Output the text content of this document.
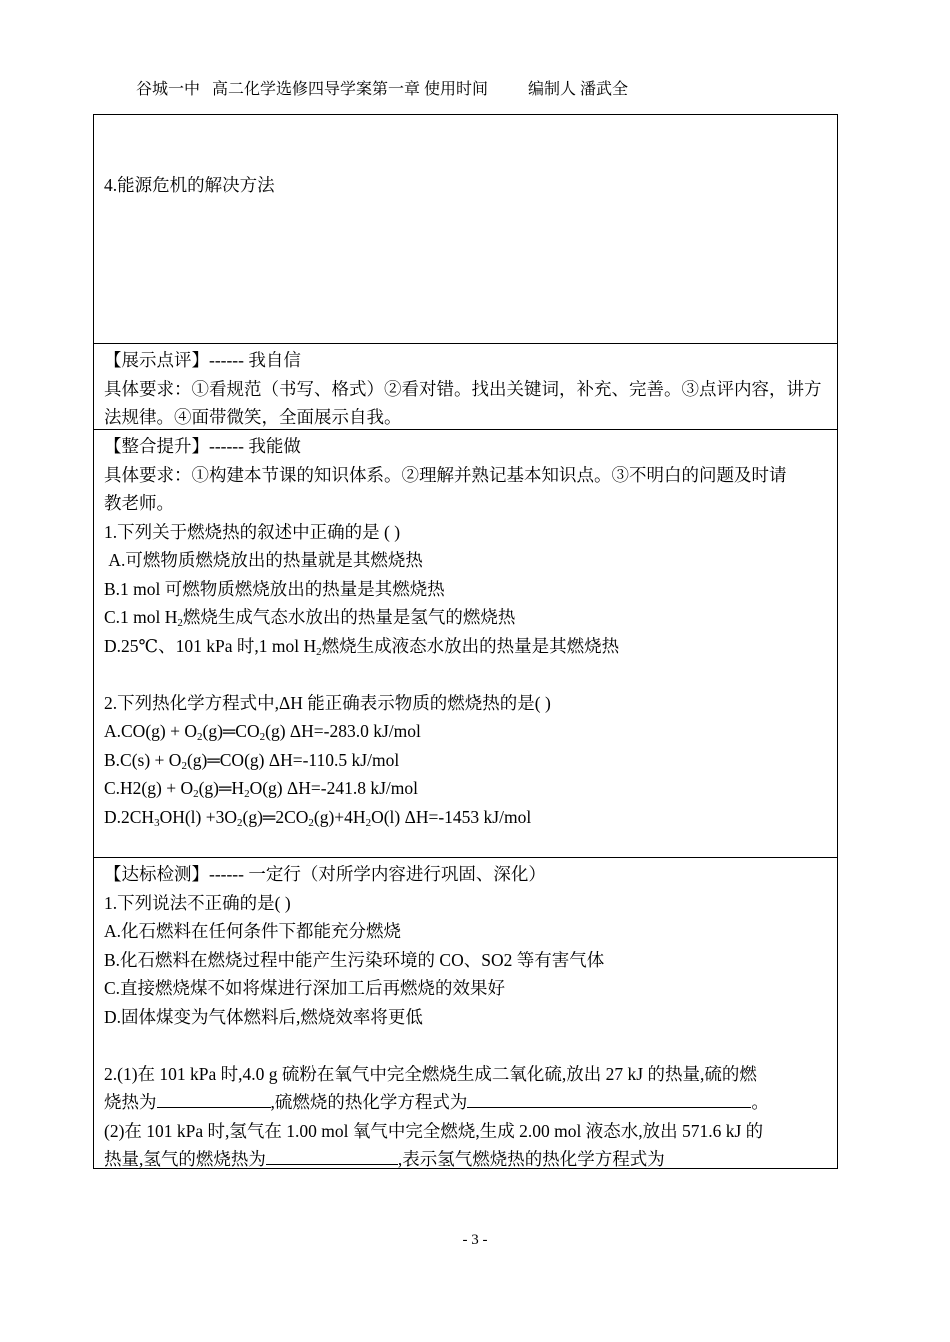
谷城一中 高二化学选修四导学案第一章 使用时间	编制人 潘武全
4.能源危机的解决方法
【展示点评】------ 我自信
具体要求：①看规范（书写、格式）②看对错。找出关键词，补充、完善。③点评内容，讲方
法规律。④面带微笑，全面展示自我。
【整合提升】------ 我能做
具体要求：①构建本节课的知识体系。②理解并熟记基本知识点。③不明白的问题及时请
教老师。
1.下列关于燃烧热的叙述中正确的是 ( )
A.可燃物质燃烧放出的热量就是其燃烧热
B.1 mol 可燃物质燃烧放出的热量是其燃烧热
C.1 mol $H_2$燃烧生成气态水放出的热量是氢气的燃烧热
D.25℃、101 kPa 时,1 mol $H_2$燃烧生成液态水放出的热量是其燃烧热
2.下列热化学方程式中,ΔH 能正确表示物质的燃烧热的是( )
$A.CO(g) + O_2(g)═CO_2(g)$ ΔH=-283.0 kJ/mol
$B.C(s) + O_2(g)═CO(g)$ ΔH=-110.5 kJ/mol
$C.H2(g) + O_2(g)═H_2O(g)$ ΔH=-241.8 kJ/mol
$D.2CH_3OH(l)$ $+3O_2(g)═2CO_2(g)+4H_2O(l)$ ΔH=-1453 kJ/mol
【达标检测】------ 一定行（对所学内容进行巩固、深化）
1.下列说法不正确的是( )
A.化石燃料在任何条件下都能充分燃烧
B.化石燃料在燃烧过程中能产生污染环境的 CO、SO2 等有害气体
C.直接燃烧煤不如将煤进行深加工后再燃烧的效果好
D.固体煤变为气体燃料后,燃烧效率将更低
2.(1)在 101 kPa 时,4.0 g 硫粉在氧气中完全燃烧生成二氧化硫,放出 27 kJ 的热量,硫的燃
烧热为	,硫燃烧的热化学方程式为	。
(2)在 101 kPa 时,氢气在 1.00 mol 氧气中完全燃烧,生成 2.00 mol 液态水,放出 571.6 kJ 的
热量,氢气的燃烧热为	,表示氢气燃烧热的热化学方程式为
- 3 -
